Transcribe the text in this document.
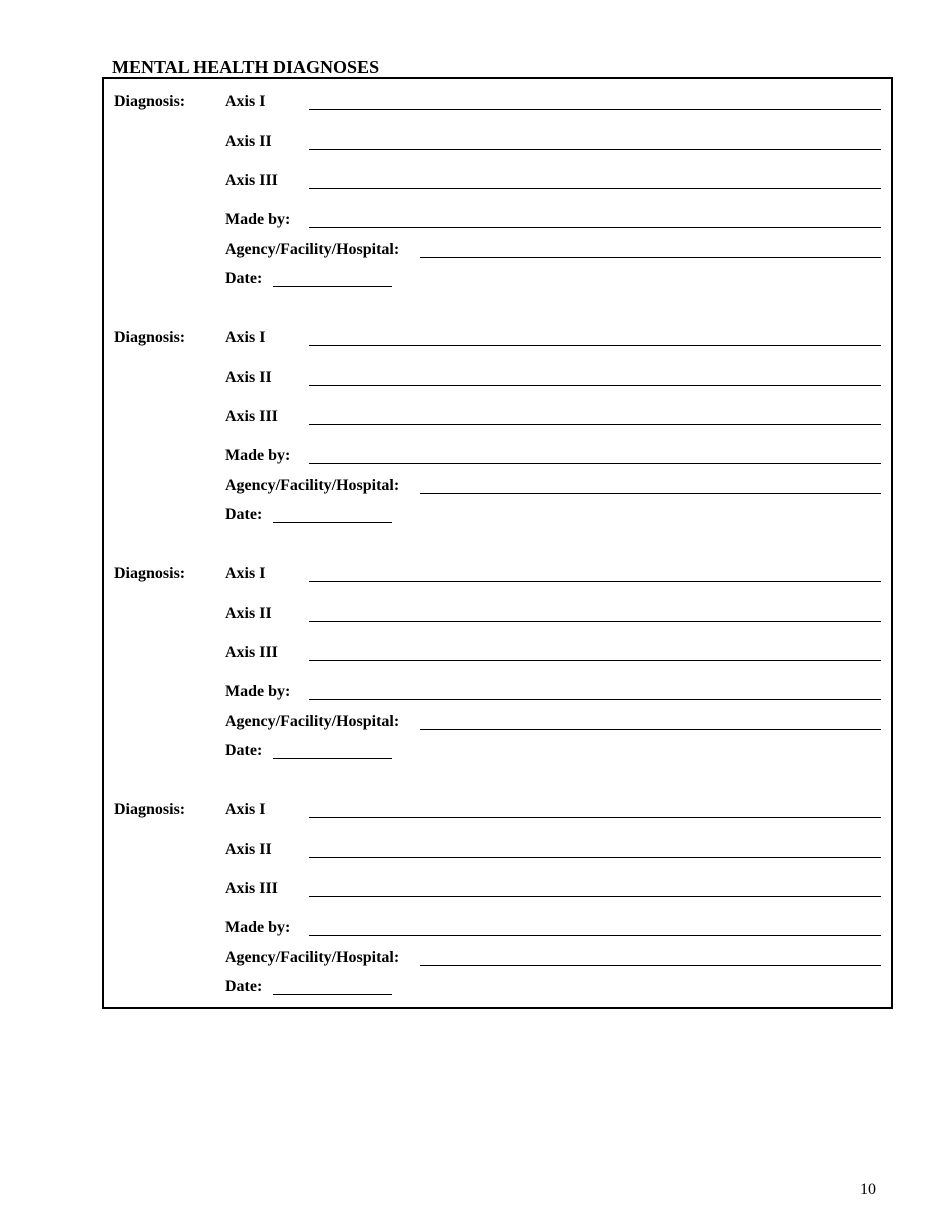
MENTAL HEALTH DIAGNOSES
Diagnosis: Axis I
Axis II
Axis III
Made by:
Agency/Facility/Hospital:
Date:
Diagnosis: Axis I
Axis II
Axis III
Made by:
Agency/Facility/Hospital:
Date:
Diagnosis: Axis I
Axis II
Axis III
Made by:
Agency/Facility/Hospital:
Date:
Diagnosis: Axis I
Axis II
Axis III
Made by:
Agency/Facility/Hospital:
Date:
10
